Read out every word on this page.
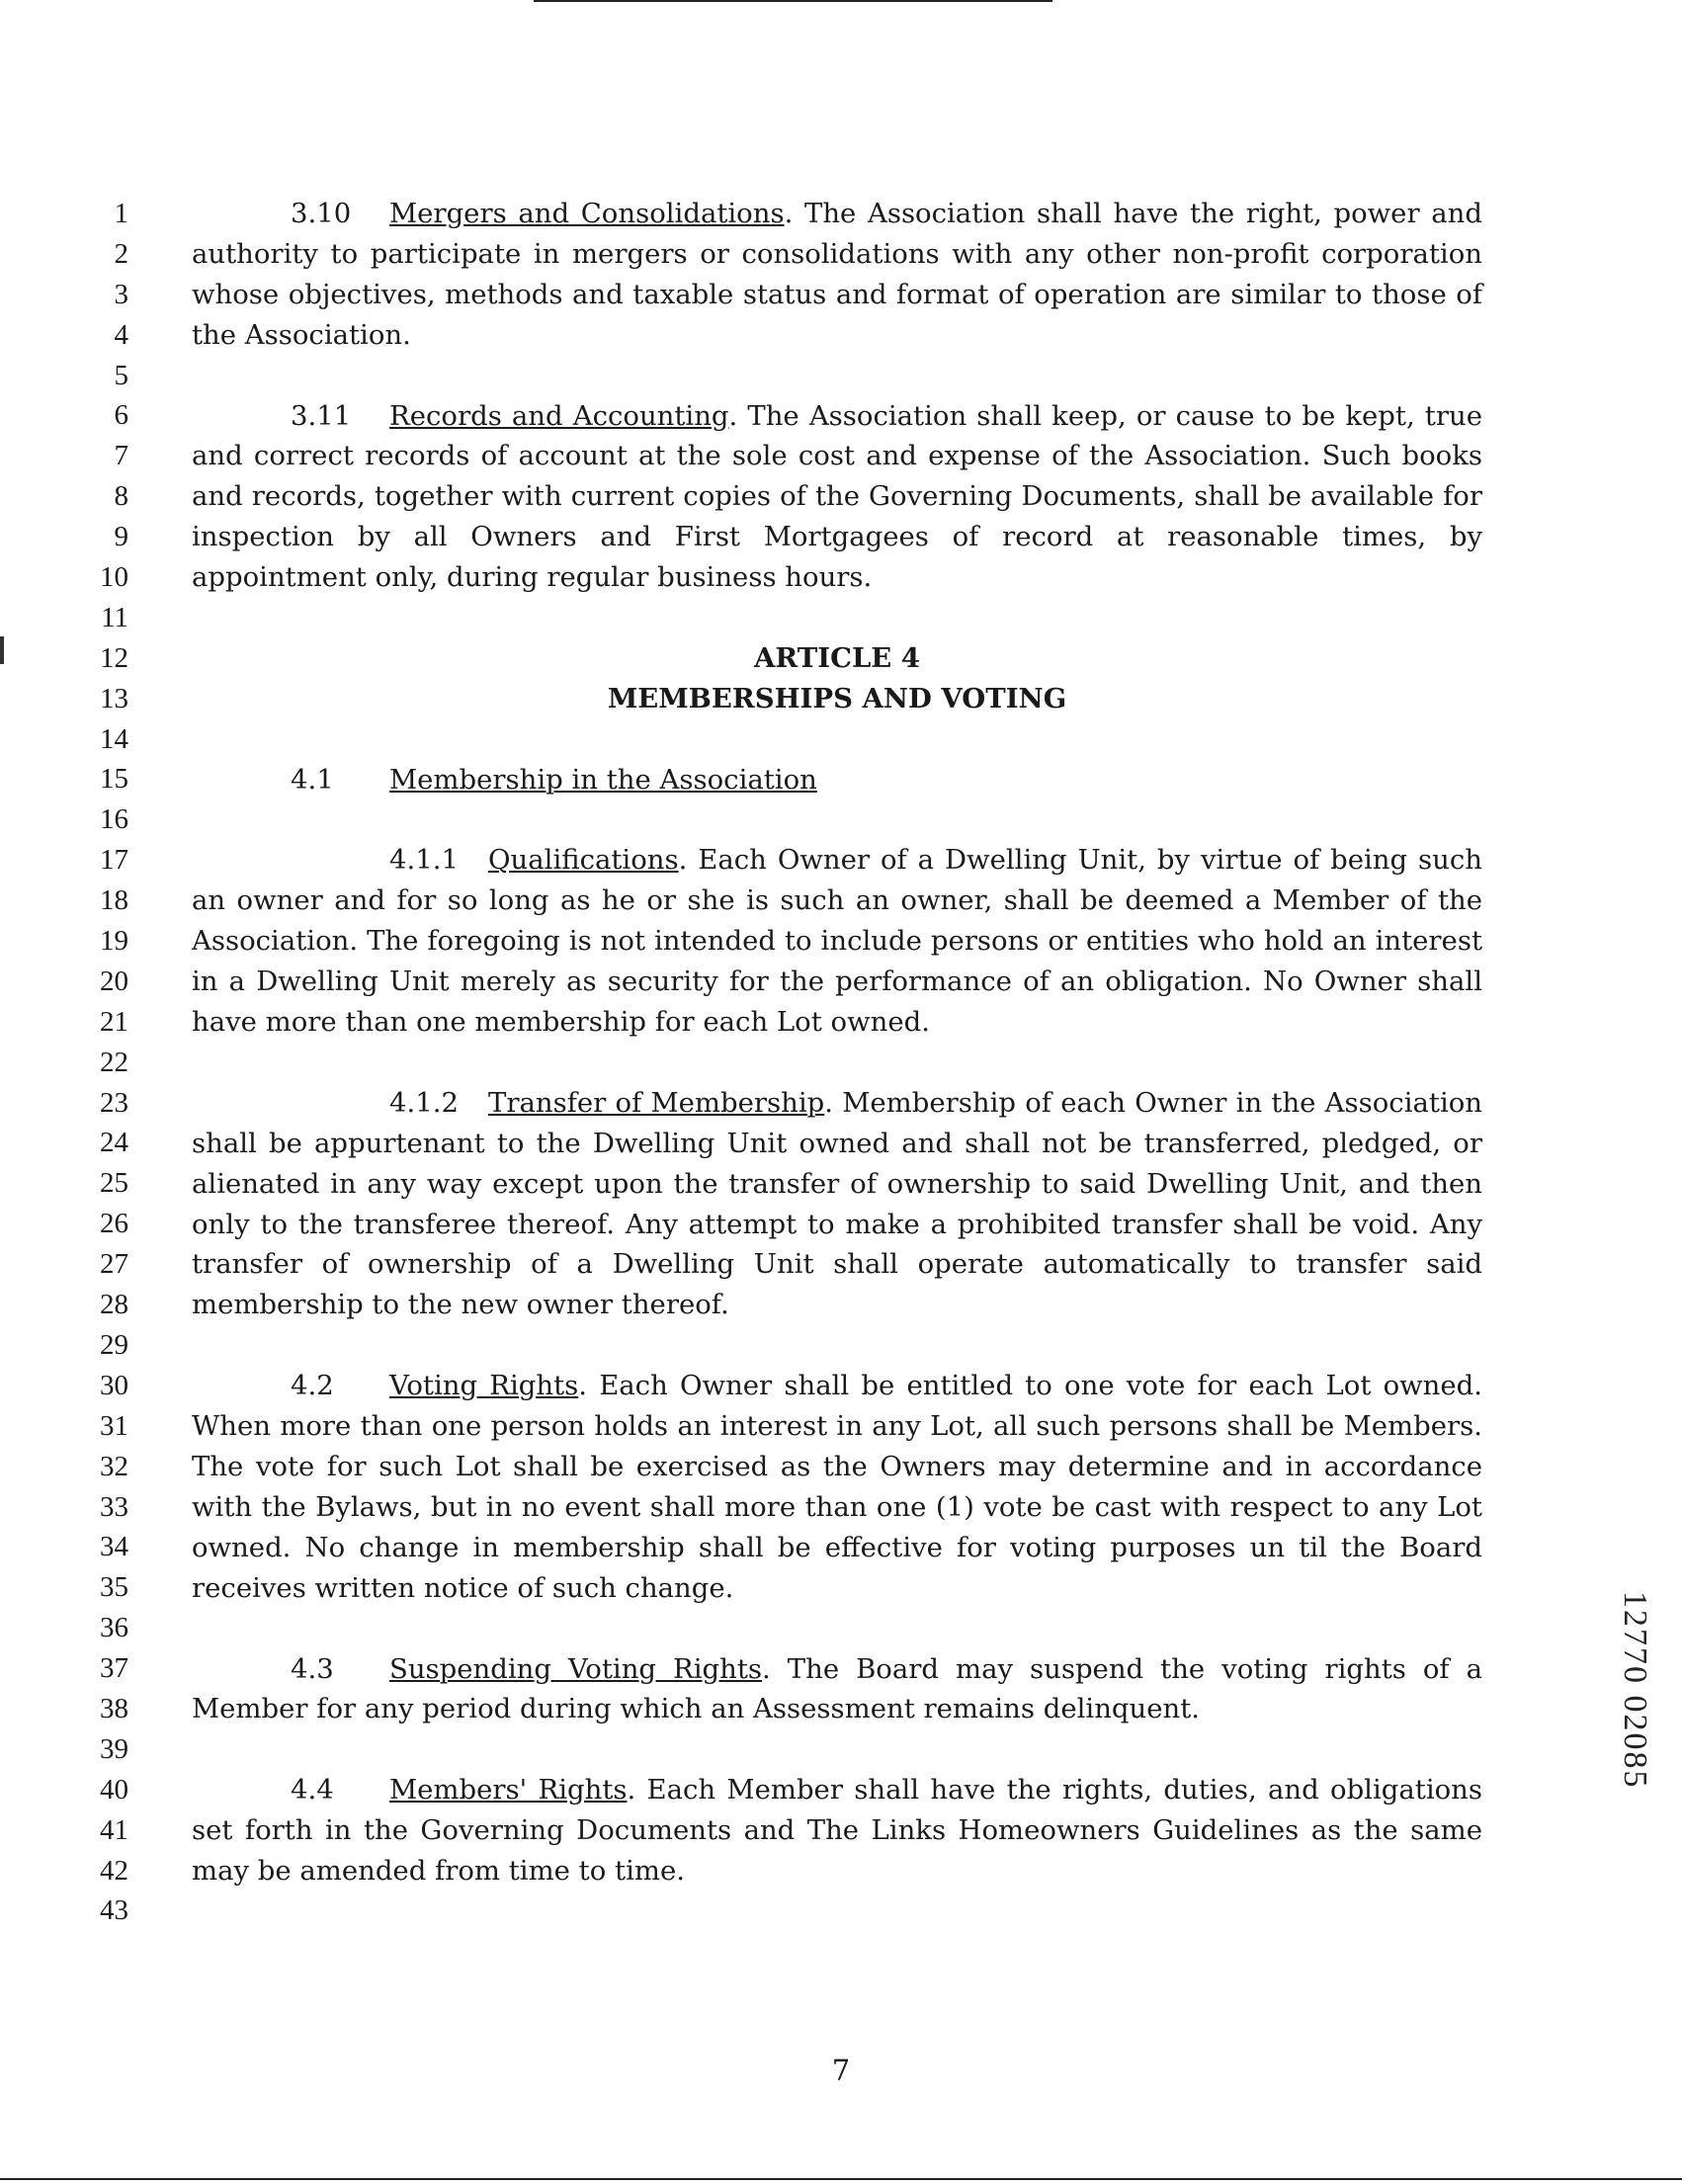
1
2
3
4
5
6
7
8
9
10
11
12
13
14
15
16
17
18
19
20
21
22
23
24
25
26
27
28
29
30
31
32
33
34
35
36
37
38
39
40
41
42
43

3.10 Mergers and Consolidations. The Association shall have the right, power and authority to participate in mergers or consolidations with any other non-profit corporation whose objectives, methods and taxable status and format of operation are similar to those of the Association.

3.11 Records and Accounting. The Association shall keep, or cause to be kept, true and correct records of account at the sole cost and expense of the Association. Such books and records, together with current copies of the Governing Documents, shall be available for inspection by all Owners and First Mortgagees of record at reasonable times, by appointment only, during regular business hours.

ARTICLE 4

MEMBERSHIPS AND VOTING

4.1 Membership in the Association

4.1.1 Qualifications. Each Owner of a Dwelling Unit, by virtue of being such an owner and for so long as he or she is such an owner, shall be deemed a Member of the Association. The foregoing is not intended to include persons or entities who hold an interest in a Dwelling Unit merely as security for the performance of an obligation. No Owner shall have more than one membership for each Lot owned.

4.1.2 Transfer of Membership. Membership of each Owner in the Association shall be appurtenant to the Dwelling Unit owned and shall not be transferred, pledged, or alienated in any way except upon the transfer of ownership to said Dwelling Unit, and then only to the transferee thereof. Any attempt to make a prohibited transfer shall be void. Any transfer of ownership of a Dwelling Unit shall operate automatically to transfer said membership to the new owner thereof.

4.2 Voting Rights. Each Owner shall be entitled to one vote for each Lot owned. When more than one person holds an interest in any Lot, all such persons shall be Members. The vote for such Lot shall be exercised as the Owners may determine and in accordance with the Bylaws, but in no event shall more than one (1) vote be cast with respect to any Lot owned. No change in membership shall be effective for voting purposes un til the Board receives written notice of such change.

4.3 Suspending Voting Rights. The Board may suspend the voting rights of a Member for any period during which an Assessment remains delinquent.

4.4 Members' Rights. Each Member shall have the rights, duties, and obligations set forth in the Governing Documents and The Links Homeowners Guidelines as the same may be amended from time to time.

12770 02085
7
